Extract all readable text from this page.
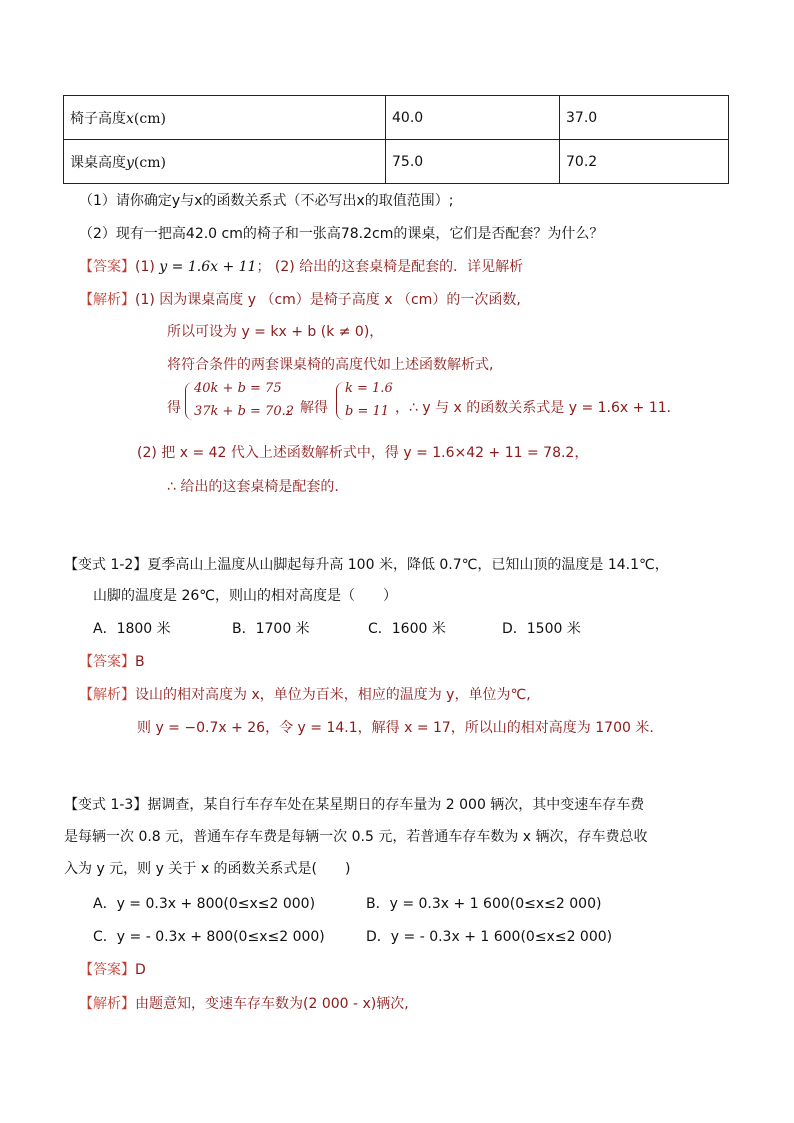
椅子高度x(cm)	40.0	37.0
课桌高度y(cm)	75.0	70.2
（1）请你确定y与x的函数关系式（不必写出x的取值范围）;
（2）现有一把高42.0 cm的椅子和一张高78.2cm的课桌，它们是否配套？为什么？
【答案】(1) y = 1.6x + 11； (2) 给出的这套桌椅是配套的．详见解析
【解析】(1) 因为课桌高度 y （cm）是椅子高度 x （cm）的一次函数,
所以可设为 y = kx + b (k ≠ 0)，
将符合条件的两套课桌椅的高度代如上述函数解析式,
得
40k + b = 75
37k + b = 70.2
，解得
k = 1.6
b = 11 ，∴ y 与 x 的函数关系式是 y = 1.6x + 11．
(2) 把 x = 42 代入上述函数解析式中，得 y = 1.6×42 + 11 = 78.2，
∴ 给出的这套桌椅是配套的.
【变式 1-2】夏季高山上温度从山脚起每升高 100 米，降低 0.7℃，已知山顶的温度是 14.1℃，
山脚的温度是 26℃，则山的相对高度是（　　）
A．1800 米	B．1700 米	C．1600 米	D．1500 米
【答案】B
【解析】设山的相对高度为 x，单位为百米，相应的温度为 y，单位为℃,
则 y = −0.7x + 26，令 y = 14.1，解得 x = 17，所以山的相对高度为 1700 米.
【变式 1-3】据调查，某自行车存车处在某星期日的存车量为 2 000 辆次，其中变速车存车费
是每辆一次 0.8 元，普通车存车费是每辆一次 0.5 元，若普通车存车数为 x 辆次，存车费总收
入为 y 元，则 y 关于 x 的函数关系式是(　　)
A．y = 0.3x + 800(0≤x≤2 000)	B．y = 0.3x + 1 600(0≤x≤2 000)
C．y = - 0.3x + 800(0≤x≤2 000)	D．y = - 0.3x + 1 600(0≤x≤2 000)
【答案】D
【解析】由题意知，变速车存车数为(2 000 - x)辆次,
